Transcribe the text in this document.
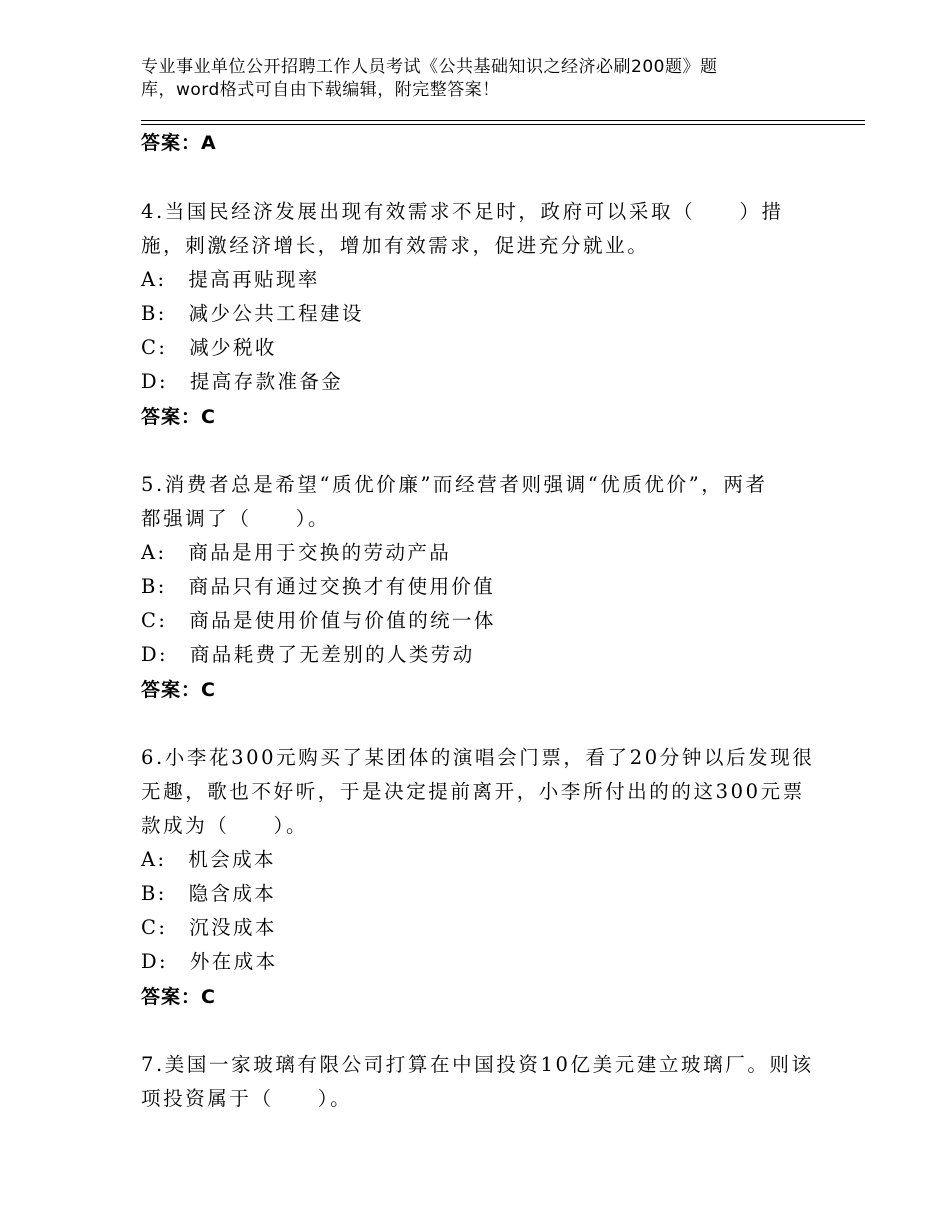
专业事业单位公开招聘工作人员考试《公共基础知识之经济必刷200题》题
库，word格式可自由下载编辑，附完整答案！
答案：A
4.当国民经济发展出现有效需求不足时，政府可以采取（　　）措
施，刺激经济增长，增加有效需求，促进充分就业。
A:　提高再贴现率
B:　减少公共工程建设
C:　减少税收
D:　提高存款准备金
答案：C
5.消费者总是希望“质优价廉”而经营者则强调“优质优价”，两者
都强调了（　　）。
A:　商品是用于交换的劳动产品
B:　商品只有通过交换才有使用价值
C:　商品是使用价值与价值的统一体
D:　商品耗费了无差别的人类劳动
答案：C
6.小李花300元购买了某团体的演唱会门票，看了20分钟以后发现很
无趣，歌也不好听，于是决定提前离开，小李所付出的的这300元票
款成为（　　）。
A:　机会成本
B:　隐含成本
C:　沉没成本
D:　外在成本
答案：C
7.美国一家玻璃有限公司打算在中国投资10亿美元建立玻璃厂。则该
项投资属于（　　）。
